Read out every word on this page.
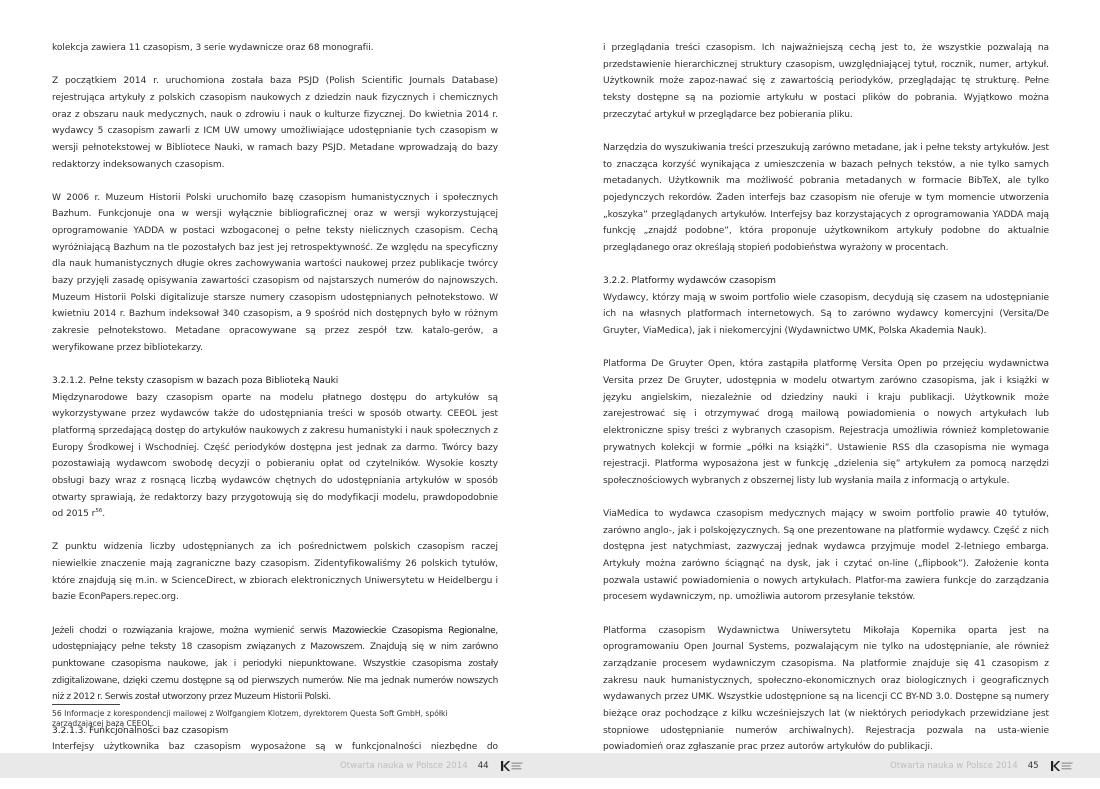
kolekcja zawiera 11 czasopism, 3 serie wydawnicze oraz 68 monografii.

Z początkiem 2014 r. uruchomiona została baza PSJD (Polish Scientific Journals Database) rejestrująca artykuły z polskich czasopism naukowych z dziedzin nauk fizycznych i chemicznych oraz z obszaru nauk medycznych, nauk o zdrowiu i nauk o kulturze fizycznej. Do kwietnia 2014 r. wydawcy 5 czasopism zawarli z ICM UW umowy umożliwiające udostępnianie tych czasopism w wersji pełnotekstowej w Bibliotece Nauki, w ramach bazy PSJD. Metadane wprowadzają do bazy redaktorzy indeksowanych czasopism.

W 2006 r. Muzeum Historii Polski uruchomiło bazę czasopism humanistycznych i społecznych Bazhum. Funkcjonuje ona w wersji wyłącznie bibliograficznej oraz w wersji wykorzystującej oprogramowanie YADDA w postaci wzbogaconej o pełne teksty nielicznych czasopism. Cechą wyróżniającą Bazhum na tle pozostałych baz jest jej retrospektywność. Ze względu na specyficzny dla nauk humanistycznych długie okres zachowywania wartości naukowej przez publikacje twórcy bazy przyjęli zasadę opisywania zawartości czasopism od najstarszych numerów do najnowszych. Muzeum Historii Polski digitalizuje starsze numery czasopism udostępnianych pełnotekstowo. W kwietniu 2014 r. Bazhum indeksował 340 czasopism, a 9 spośród nich dostępnych było w różnym zakresie pełnotekstowo. Metadane opracowywane są przez zespół tzw. katalo-gerów, a weryfikowane przez bibliotekarzy.

3.2.1.2. Pełne teksty czasopism w bazach poza Biblioteką Nauki

Międzynarodowe bazy czasopism oparte na modelu płatnego dostępu do artykułów są wykorzystywane przez wydawców także do udostępniania treści w sposób otwarty. CEEOL jest platformą sprzedającą dostęp do artykułów naukowych z zakresu humanistyki i nauk społecznych z Europy Środkowej i Wschodniej. Część periodyków dostępna jest jednak za darmo. Twórcy bazy pozostawiają wydawcom swobodę decyzji o pobieraniu opłat od czytelników. Wysokie koszty obsługi bazy wraz z rosnącą liczbą wydawców chętnych do udostępniania artykułów w sposób otwarty sprawiają, że redaktorzy bazy przygotowują się do modyfikacji modelu, prawdopodobnie od 2015 $r^{56}$.

Z punktu widzenia liczby udostępnianych za ich pośrednictwem polskich czasopism raczej niewielkie znaczenie mają zagraniczne bazy czasopism. Zidentyfikowaliśmy 26 polskich tytułów, które znajdują się m.in. w ScienceDirect, w zbiorach elektronicznych Uniwersytetu w Heidelbergu i bazie EconPapers.repec.org.

Jeżeli chodzi o rozwiązania krajowe, można wymienić serwis Mazowieckie Czasopisma Regionalne, udostępniający pełne teksty 18 czasopism związanych z Mazowszem. Znajdują się w nim zarówno punktowane czasopisma naukowe, jak i periodyki niepunktowane. Wszystkie czasopisma zostały zdigitalizowane, dzięki czemu dostępne są od pierwszych numerów. Nie ma jednak numerów nowszych niż z 2012 r. Serwis został utworzony przez Muzeum Historii Polski.

3.2.1.3. Funkcjonalności baz czasopism

Interfejsy użytkownika baz czasopism wyposażone są w funkcjonalności niezbędne do

56 Informacje z korespondencji mailowej z Wolfgangiem Klotzem, dyrektorem Questa Soft GmbH, spółki zarządzającej bazą CEEOL.

i przeglądania treści czasopism. Ich najważniejszą cechą jest to, że wszystkie pozwalają na przedstawienie hierarchicznej struktury czasopism, uwzględniającej tytuł, rocznik, numer, artykuł. Użytkownik może zapoz-nawać się z zawartością periodyków, przeglądając tę strukturę. Pełne teksty dostępne są na poziomie artykułu w postaci plików do pobrania. Wyjątkowo można przeczytać artykuł w przeglądarce bez pobierania pliku.

Narzędzia do wyszukiwania treści przeszukują zarówno metadane, jak i pełne teksty artykułów. Jest to znacząca korzyść wynikająca z umieszczenia w bazach pełnych tekstów, a nie tylko samych metadanych. Użytkownik ma możliwość pobrania metadanych w formacie BibTeX, ale tylko pojedynczych rekordów. Żaden interfejs baz czasopism nie oferuje w tym momencie utworzenia „koszyka” przeglądanych artykułów. Interfejsy baz korzystających z oprogramowania YADDA mają funkcję „znajdź podobne”, która proponuje użytkownikom artykuły podobne do aktualnie przeglądanego oraz określają stopień podobieństwa wyrażony w procentach.

3.2.2. Platformy wydawców czasopism

Wydawcy, którzy mają w swoim portfolio wiele czasopism, decydują się czasem na udostępnianie ich na własnych platformach internetowych. Są to zarówno wydawcy komercyjni (Versita/De Gruyter, ViaMedica), jak i niekomercyjni (Wydawnictwo UMK, Polska Akademia Nauk).

Platforma De Gruyter Open, która zastąpiła platformę Versita Open po przejęciu wydawnictwa Versita przez De Gruyter, udostępnia w modelu otwartym zarówno czasopisma, jak i książki w języku angielskim, niezależnie od dziedziny nauki i kraju publikacji. Użytkownik może zarejestrować się i otrzymywać drogą mailową powiadomienia o nowych artykułach lub elektroniczne spisy treści z wybranych czasopism. Rejestracja umożliwia również kompletowanie prywatnych kolekcji w formie „półki na książki”. Ustawienie RSS dla czasopisma nie wymaga rejestracji. Platforma wyposażona jest w funkcję „dzielenia się” artykułem za pomocą narzędzi społecznościowych wybranych z obszernej listy lub wysłania maila z informacją o artykule.

ViaMedica to wydawca czasopism medycznych mający w swoim portfolio prawie 40 tytułów, zarówno anglo-, jak i polskojęzycznych. Są one prezentowane na platformie wydawcy. Część z nich dostępna jest natychmiast, zazwyczaj jednak wydawca przyjmuje model 2-letniego embarga. Artykuły można zarówno ściągnąć na dysk, jak i czytać on-line („flipbook”). Założenie konta pozwala ustawić powiadomienia o nowych artykułach. Platfor-ma zawiera funkcje do zarządzania procesem wydawniczym, np. umożliwia autorom przesyłanie tekstów.

Platforma czasopism Wydawnictwa Uniwersytetu Mikołaja Kopernika oparta jest na oprogramowaniu Open Journal Systems, pozwalającym nie tylko na udostępnianie, ale również zarządzanie procesem wydawniczym czasopisma. Na platformie znajduje się 41 czasopism z zakresu nauk humanistycznych, społeczno-ekonomicznych oraz biologicznych i geograficznych wydawanych przez UMK. Wszystkie udostępnione są na licencji CC BY-ND 3.0. Dostępne są numery bieżące oraz pochodzące z kilku wcześniejszych lat (w niektórych periodykach przewidziane jest stopniowe udostępnianie numerów archiwalnych). Rejestracja pozwala na usta-wienie powiadomień oraz zgłaszanie prac przez autorów artykułów do publikacji.

Otwarta nauka w Polsce 2014 44	Otwarta nauka w Polsce 2014 45
